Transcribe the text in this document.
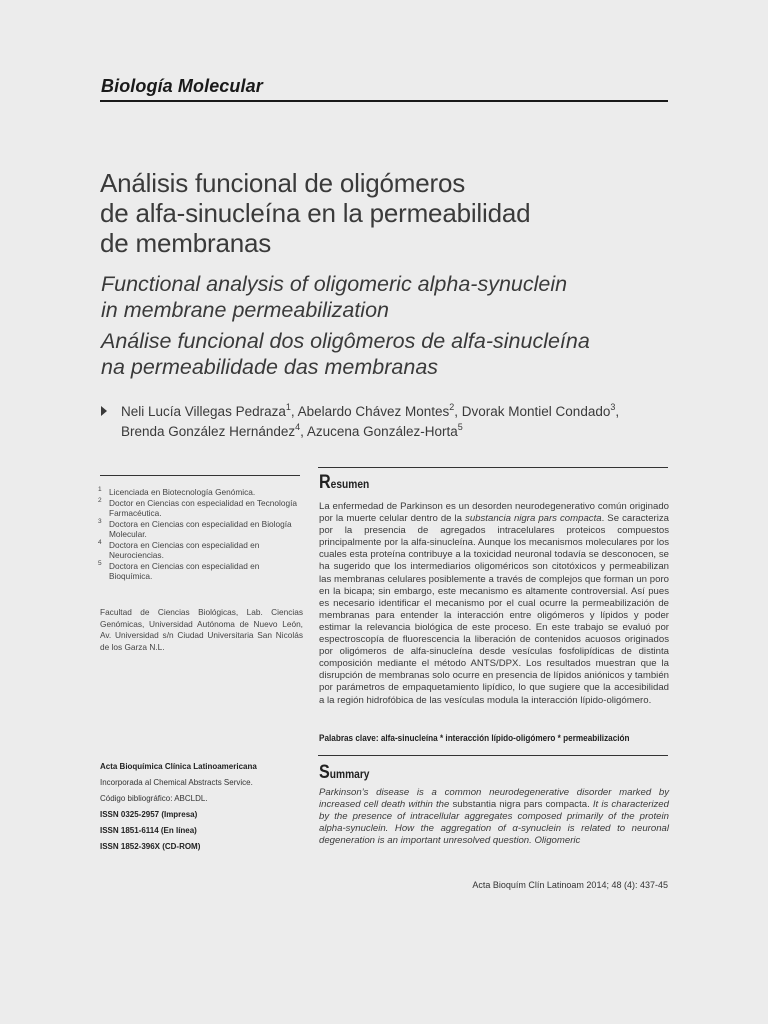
Biología Molecular
Análisis funcional de oligómeros
de alfa-sinucleína en la permeabilidad
de membranas
Functional analysis of oligomeric alpha-synuclein
in membrane permeabilization
Análise funcional dos oligômeros de alfa-sinucleína
na permeabilidade das membranas
Neli Lucía Villegas Pedraza$^1$, Abelardo Chávez Montes$^2$, Dvorak Montiel Condado$^3$,
Brenda González Hernández$^4$, Azucena González-Horta$^5$
1 Licenciada en Biotecnología Genómica.
2 Doctor en Ciencias con especialidad en Tecnología Farmacéutica.
3 Doctora en Ciencias con especialidad en Biología Molecular.
4 Doctora en Ciencias con especialidad en Neurociencias.
5 Doctora en Ciencias con especialidad en Bioquímica.
Facultad de Ciencias Biológicas, Lab. Ciencias Genómicas, Universidad Autónoma de Nuevo León, Av. Universidad s/n Ciudad Universitaria San Nicolás de los Garza N.L.
Acta Bioquímica Clínica Latinoamericana
Incorporada al Chemical Abstracts Service.
Código bibliográfico: ABCLDL.
ISSN 0325-2957 (Impresa)
ISSN 1851-6114 (En línea)
ISSN 1852-396X (CD-ROM)
Resumen
La enfermedad de Parkinson es un desorden neurodegenerativo común originado por la muerte celular dentro de la substancia nigra pars compacta. Se caracteriza por la presencia de agregados intracelulares proteicos compuestos principalmente por la alfa-sinucleína. Aunque los mecanismos moleculares por los cuales esta proteína contribuye a la toxicidad neuronal todavía se desconocen, se ha sugerido que los intermediarios oligoméricos son citotóxicos y permeabilizan las membranas celulares posiblemente a través de complejos que forman un poro en la bicapa; sin embargo, este mecanismo es altamente controversial. Así pues es necesario identificar el mecanismo por el cual ocurre la permeabilización de membranas para entender la interacción entre oligómeros y lípidos y poder estimar la relevancia biológica de este proceso. En este trabajo se evaluó por espectroscopía de fluorescencia la liberación de contenidos acuosos originados por oligómeros de alfa-sinucleína desde vesículas fosfolipídicas de distinta composición mediante el método ANTS/DPX. Los resultados muestran que la disrupción de membranas solo ocurre en presencia de lípidos aniónicos y también por parámetros de empaquetamiento lipídico, lo que sugiere que la accesibilidad a la región hidrofóbica de las vesículas modula la interacción lípido-oligómero.
Palabras clave: alfa-sinucleína * interacción lípido-oligómero * permeabilización
Summary
Parkinson’s disease is a common neurodegenerative disorder marked by increased cell death within the substantia nigra pars compacta. It is characterized by the presence of intracellular aggregates composed primarily of the protein alpha-synuclein. How the aggregation of α-synuclein is related to neuronal degeneration is an important unresolved question. Oligomeric
Acta Bioquím Clín Latinoam 2014; 48 (4): 437-45
